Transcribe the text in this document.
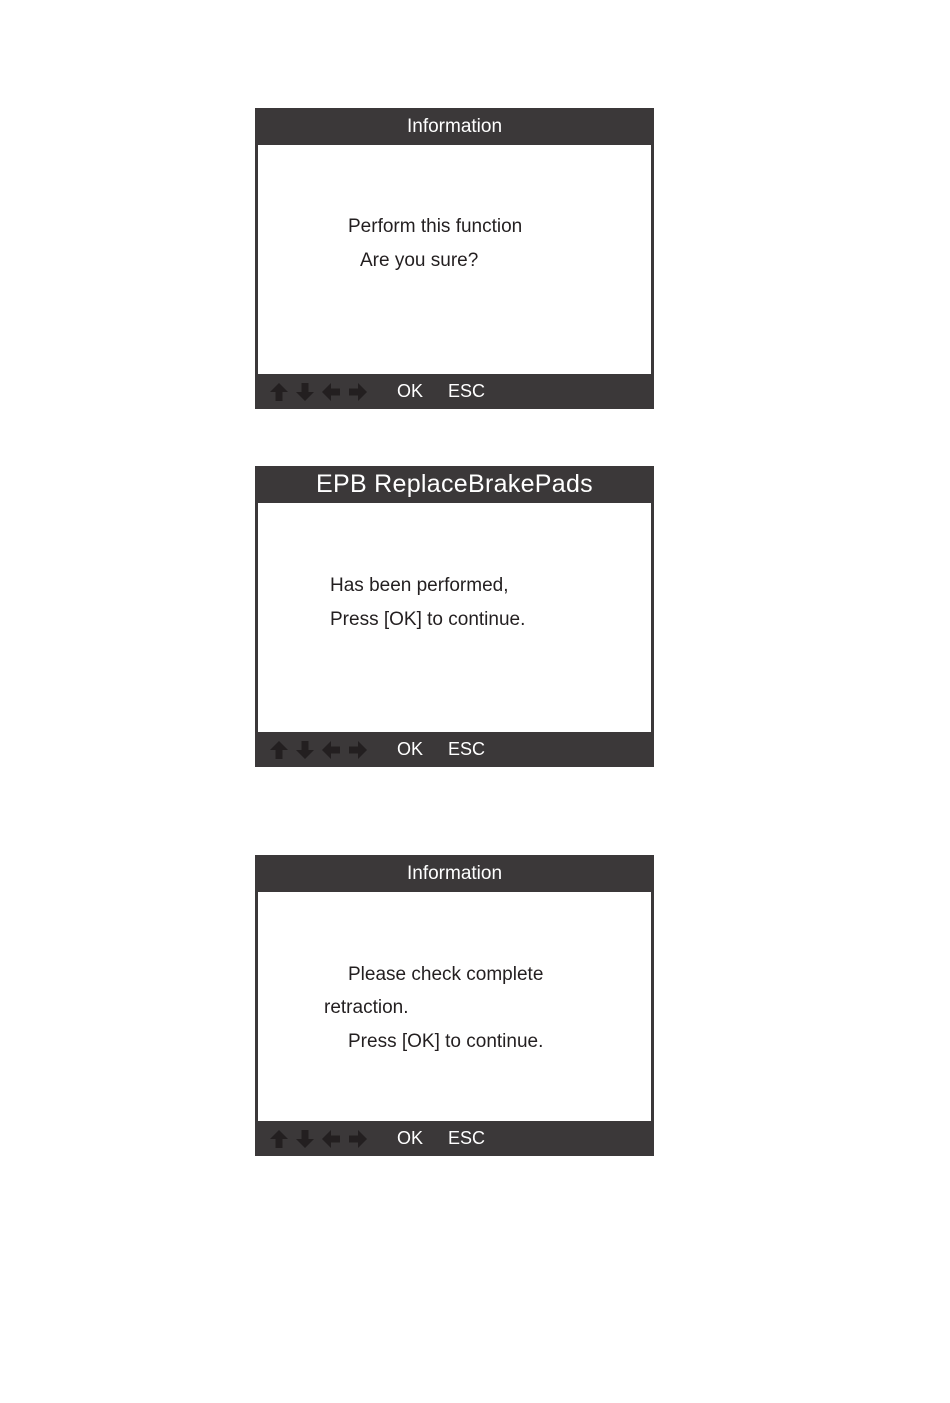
Information
Perform this function
Are you sure?
OK ESC
EPB ReplaceBrakePads
Has been performed,
Press [OK] to continue.
OK ESC
Information
Please check complete
retraction.
Press [OK] to continue.
OK ESC
